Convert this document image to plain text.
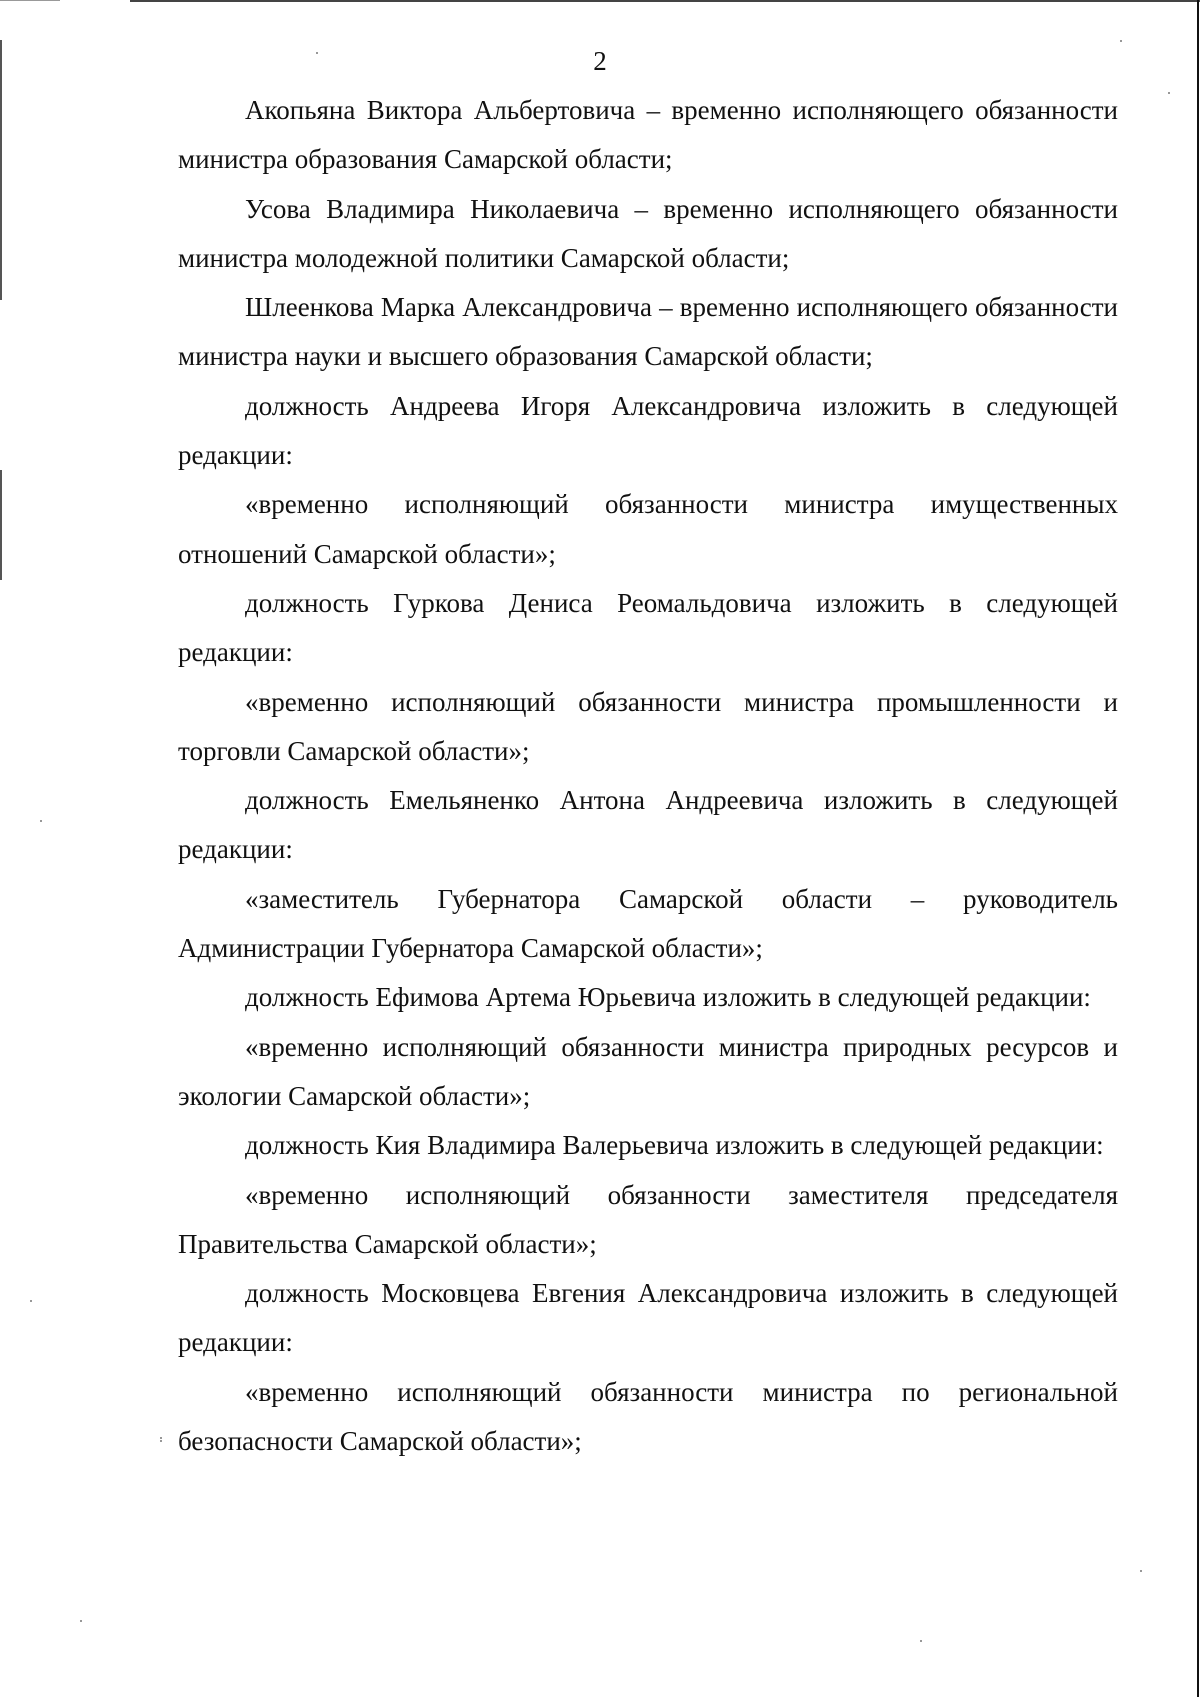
2

Акопьяна Виктора Альбертовича – временно исполняющего обязанности министра образования Самарской области;

Усова Владимира Николаевича – временно исполняющего обязанности министра молодежной политики Самарской области;

Шлеенкова Марка Александровича – временно исполняющего обязанности министра науки и высшего образования Самарской области;

должность Андреева Игоря Александровича изложить в следующей редакции:

«временно исполняющий обязанности министра имущественных отношений Самарской области»;

должность Гуркова Дениса Реомальдовича изложить в следующей редакции:

«временно исполняющий обязанности министра промышленности и торговли Самарской области»;

должность Емельяненко Антона Андреевича изложить в следующей редакции:

«заместитель Губернатора Самарской области – руководитель Администрации Губернатора Самарской области»;

должность Ефимова Артема Юрьевича изложить в следующей редакции:

«временно исполняющий обязанности министра природных ресурсов и экологии Самарской области»;

должность Кия Владимира Валерьевича изложить в следующей редакции:

«временно исполняющий обязанности заместителя председателя Правительства Самарской области»;

должность Московцева Евгения Александровича изложить в следующей редакции:

«временно исполняющий обязанности министра по региональной безопасности Самарской области»;
